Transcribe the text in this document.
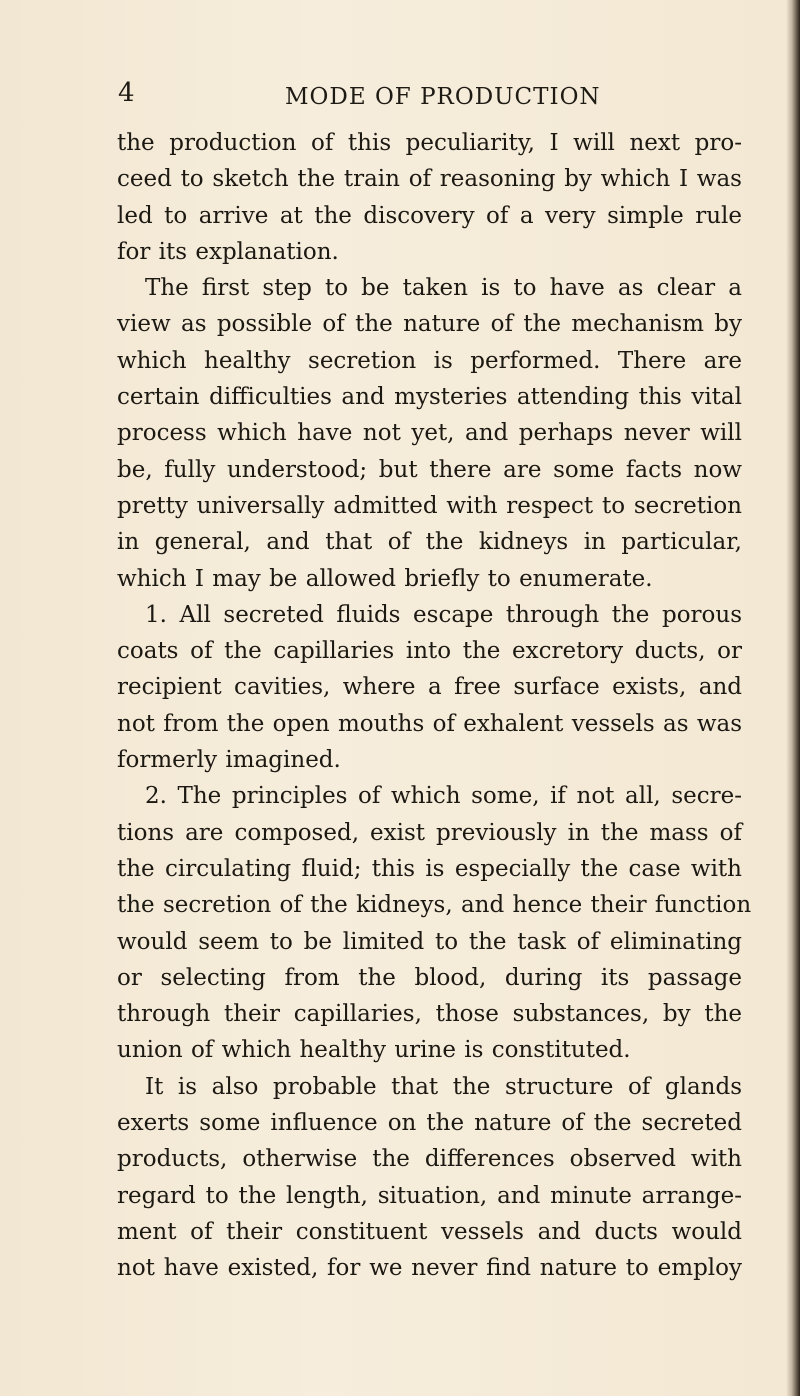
4	MODE OF PRODUCTION
the production of this peculiarity, I will next pro-
ceed to sketch the train of reasoning by which I was
led to arrive at the discovery of a very simple rule
for its explanation.
The first step to be taken is to have as clear a
view as possible of the nature of the mechanism by
which healthy secretion is performed. There are
certain difficulties and mysteries attending this vital
process which have not yet, and perhaps never will
be, fully understood; but there are some facts now
pretty universally admitted with respect to secretion
in general, and that of the kidneys in particular,
which I may be allowed briefly to enumerate.
1. All secreted fluids escape through the porous
coats of the capillaries into the excretory ducts, or
recipient cavities, where a free surface exists, and
not from the open mouths of exhalent vessels as was
formerly imagined.
2. The principles of which some, if not all, secre-
tions are composed, exist previously in the mass of
the circulating fluid; this is especially the case with
the secretion of the kidneys, and hence their function
would seem to be limited to the task of eliminating
or selecting from the blood, during its passage
through their capillaries, those substances, by the
union of which healthy urine is constituted.
It is also probable that the structure of glands
exerts some influence on the nature of the secreted
products, otherwise the differences observed with
regard to the length, situation, and minute arrange-
ment of their constituent vessels and ducts would
not have existed, for we never find nature to employ
